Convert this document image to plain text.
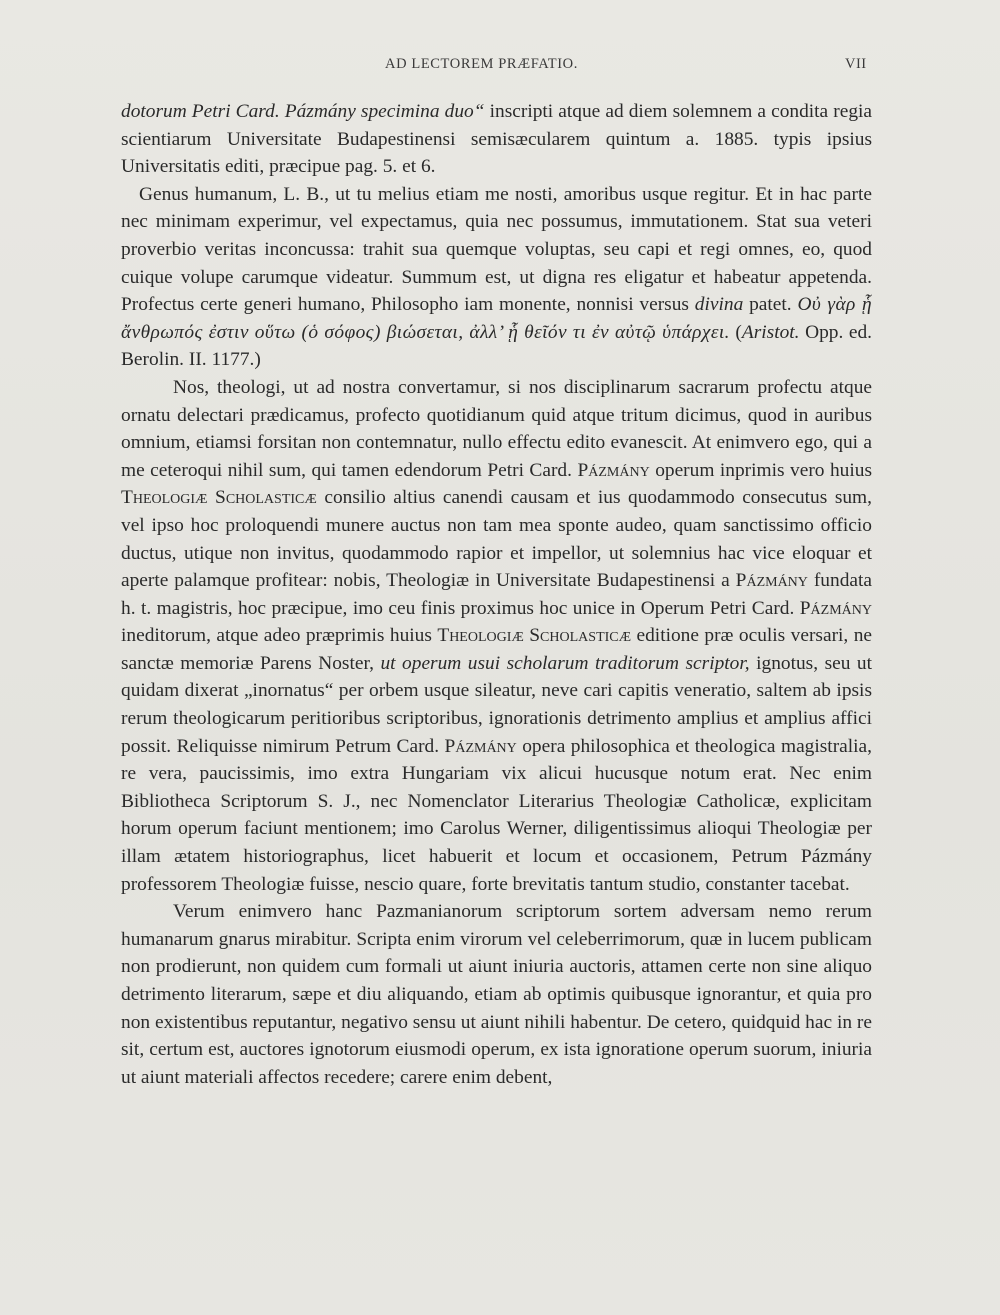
AD LECTOREM PRÆFATIO.	VII

dotorum Petri Card. Pázmány specimina duo“ inscripti atque ad diem solemnem a condita regia scientiarum Universitate Budapestinensi semisæcularem quintum a. 1885. typis ipsius Universitatis editi, præcipue pag. 5. et 6.

Genus humanum, L. B., ut tu melius etiam me nosti, amoribus usque regitur. Et in hac parte nec minimam experimur, vel expectamus, quia nec possumus, immutationem. Stat sua veteri proverbio veritas inconcussa: trahit sua quemque voluptas, seu capi et regi omnes, eo, quod cuique volupe carumque videatur. Summum est, ut digna res eligatur et habeatur appetenda. Profectus certe generi humano, Philosopho iam monente, nonnisi versus divina patet. Οὐ γὰρ ᾗ ἄνθρωπός ἐστιν οὕτω (ὁ σόφος) βιώσεται, ἀλλ’ ᾗ θεῖόν τι ἐν αὐτῷ ὑπάρχει. (Aristot. Opp. ed. Berolin. II. 1177.)

Nos, theologi, ut ad nostra convertamur, si nos disciplinarum sacrarum profectu atque ornatu delectari prædicamus, profecto quotidianum quid atque tritum dicimus, quod in auribus omnium, etiamsi forsitan non contemnatur, nullo effectu edito evanescit. At enimvero ego, qui a me ceteroqui nihil sum, qui tamen edendorum Petri Card. Pázmány operum inprimis vero huius Theologiæ Scholasticæ consilio altius canendi causam et ius quodammodo consecutus sum, vel ipso hoc proloquendi munere auctus non tam mea sponte audeo, quam sanctissimo officio ductus, utique non invitus, quodammodo rapior et impellor, ut solemnius hac vice eloquar et aperte palamque profitear: nobis, Theologiæ in Universitate Budapestinensi a Pázmány fundata h. t. magistris, hoc præcipue, imo ceu finis proximus hoc unice in Operum Petri Card. Pázmány ineditorum, atque adeo præprimis huius Theologiæ Scholasticæ editione præ oculis versari, ne sanctæ memoriæ Parens Noster, ut operum usui scholarum traditorum scriptor, ignotus, seu ut quidam dixerat „inornatus“ per orbem usque sileatur, neve cari capitis veneratio, saltem ab ipsis rerum theologicarum peritioribus scriptoribus, ignorationis detrimento amplius et amplius affici possit. Reliquisse nimirum Petrum Card. Pázmány opera philosophica et theologica magistralia, re vera, paucissimis, imo extra Hungariam vix alicui hucusque notum erat. Nec enim Bibliotheca Scriptorum S. J., nec Nomenclator Literarius Theologiæ Catholicæ, explicitam horum operum faciunt mentionem; imo Carolus Werner, diligentissimus alioqui Theologiæ per illam ætatem historiographus, licet habuerit et locum et occasionem, Petrum Pázmány professorem Theologiæ fuisse, nescio quare, forte brevitatis tantum studio, constanter tacebat.

Verum enimvero hanc Pazmanianorum scriptorum sortem adversam nemo rerum humanarum gnarus mirabitur. Scripta enim virorum vel celeberrimorum, quæ in lucem publicam non prodierunt, non quidem cum formali ut aiunt iniuria auctoris, attamen certe non sine aliquo detrimento literarum, sæpe et diu aliquando, etiam ab optimis quibusque ignorantur, et quia pro non existentibus reputantur, negativo sensu ut aiunt nihili habentur. De cetero, quidquid hac in re sit, certum est, auctores ignotorum eiusmodi operum, ex ista ignoratione operum suorum, iniuria ut aiunt materiali affectos recedere; carere enim debent,
